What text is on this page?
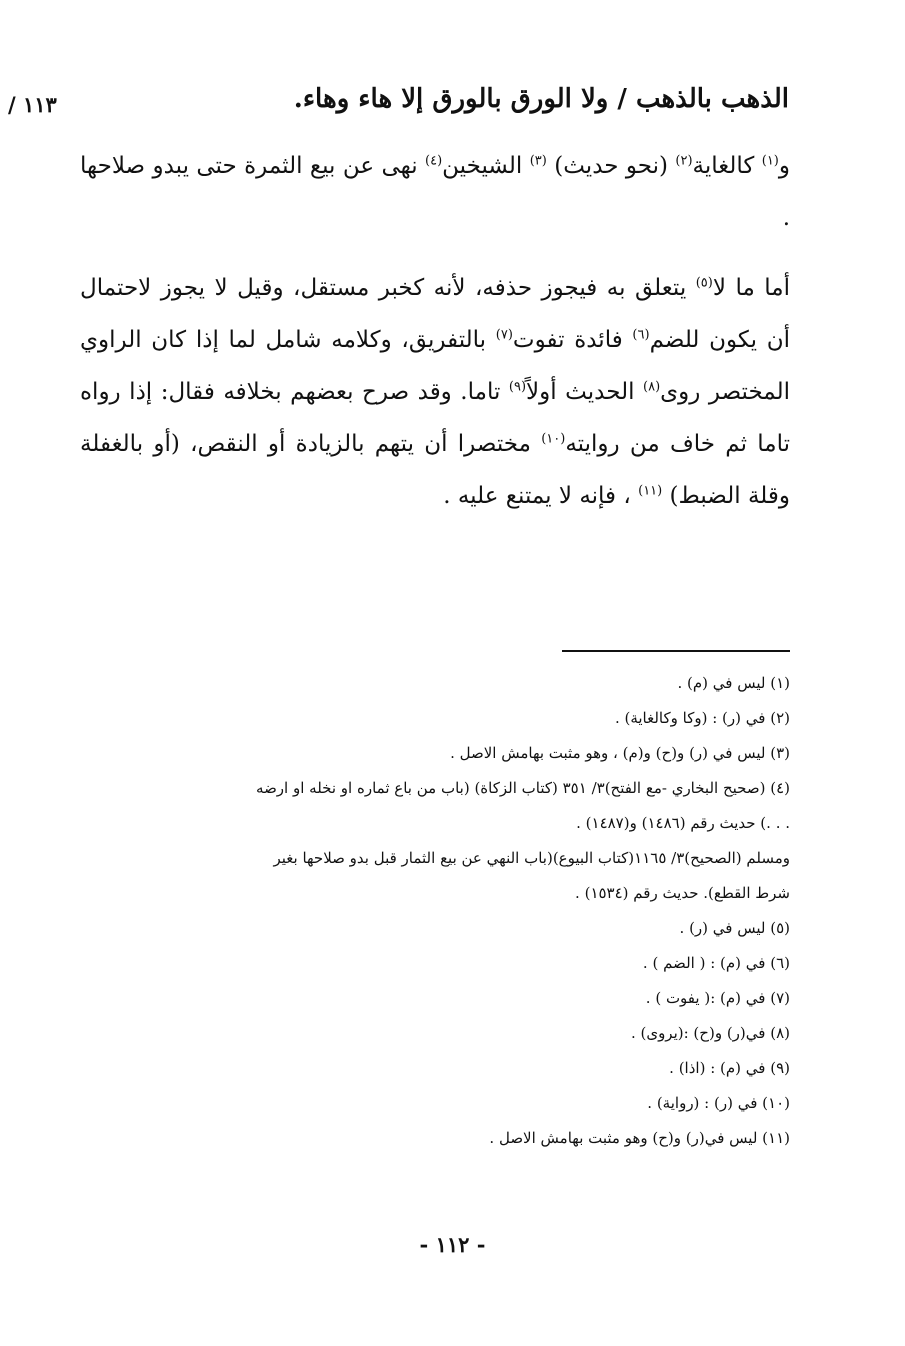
١١٣ /	الذهب بالذهب / ولا الورق بالورق إلا هاء وهاء.

و$^{(١)}$ كالغاية$^{(٢)}$ (نحو حديث) $^{(٣)}$ الشيخين$^{(٤)}$ نهى عن بيع الثمرة حتى يبدو صلاحها .

أما ما لا$^{(٥)}$ يتعلق به فيجوز حذفه، لأنه كخبر مستقل، وقيل لا يجوز لاحتمال أن يكون للضم$^{(٦)}$ فائدة تفوت$^{(٧)}$ بالتفريق، وكلامه شامل لما إذا كان الراوي المختصر روى$^{(٨)}$ الحديث أولاً$^{(٩)}$ تاما. وقد صرح بعضهم بخلافه فقال: إذا رواه تاما ثم خاف من روايته$^{(١٠)}$ مختصرا أن يتهم بالزيادة أو النقص، (أو بالغفلة وقلة الضبط) $^{(١١)}$ ، فإنه لا يمتنع عليه .

(١) ليس في (م) .
(٢) في (ر) : (وكا وكالغاية) .
(٣) ليس في (ر) و(ح) و(م) ، وهو مثبت بهامش الاصل .
(٤) (صحيح البخاري -مع الفتح)٣/ ٣٥١ (كتاب الزكاة) (باب من باع ثماره او نخله او ارضه
. . .) حديث رقم (١٤٨٦) و(١٤٨٧) .
ومسلم (الصحيح)٣/ ١١٦٥(كتاب البيوع)(باب النهي عن بيع الثمار قبل بدو صلاحها بغير
شرط القطع). حديث رقم (١٥٣٤) .
(٥) ليس في (ر) .
(٦) في (م) : ( الضم ) .
(٧) في (م) :( يفوت ) .
(٨) في(ر) و(ح) :(يروى) .
(٩) في (م) : (اذا) .
(١٠) في (ر) : (رواية) .
(١١) ليس في(ر) و(ح) وهو مثبت بهامش الاصل .
- ١١٢ -
